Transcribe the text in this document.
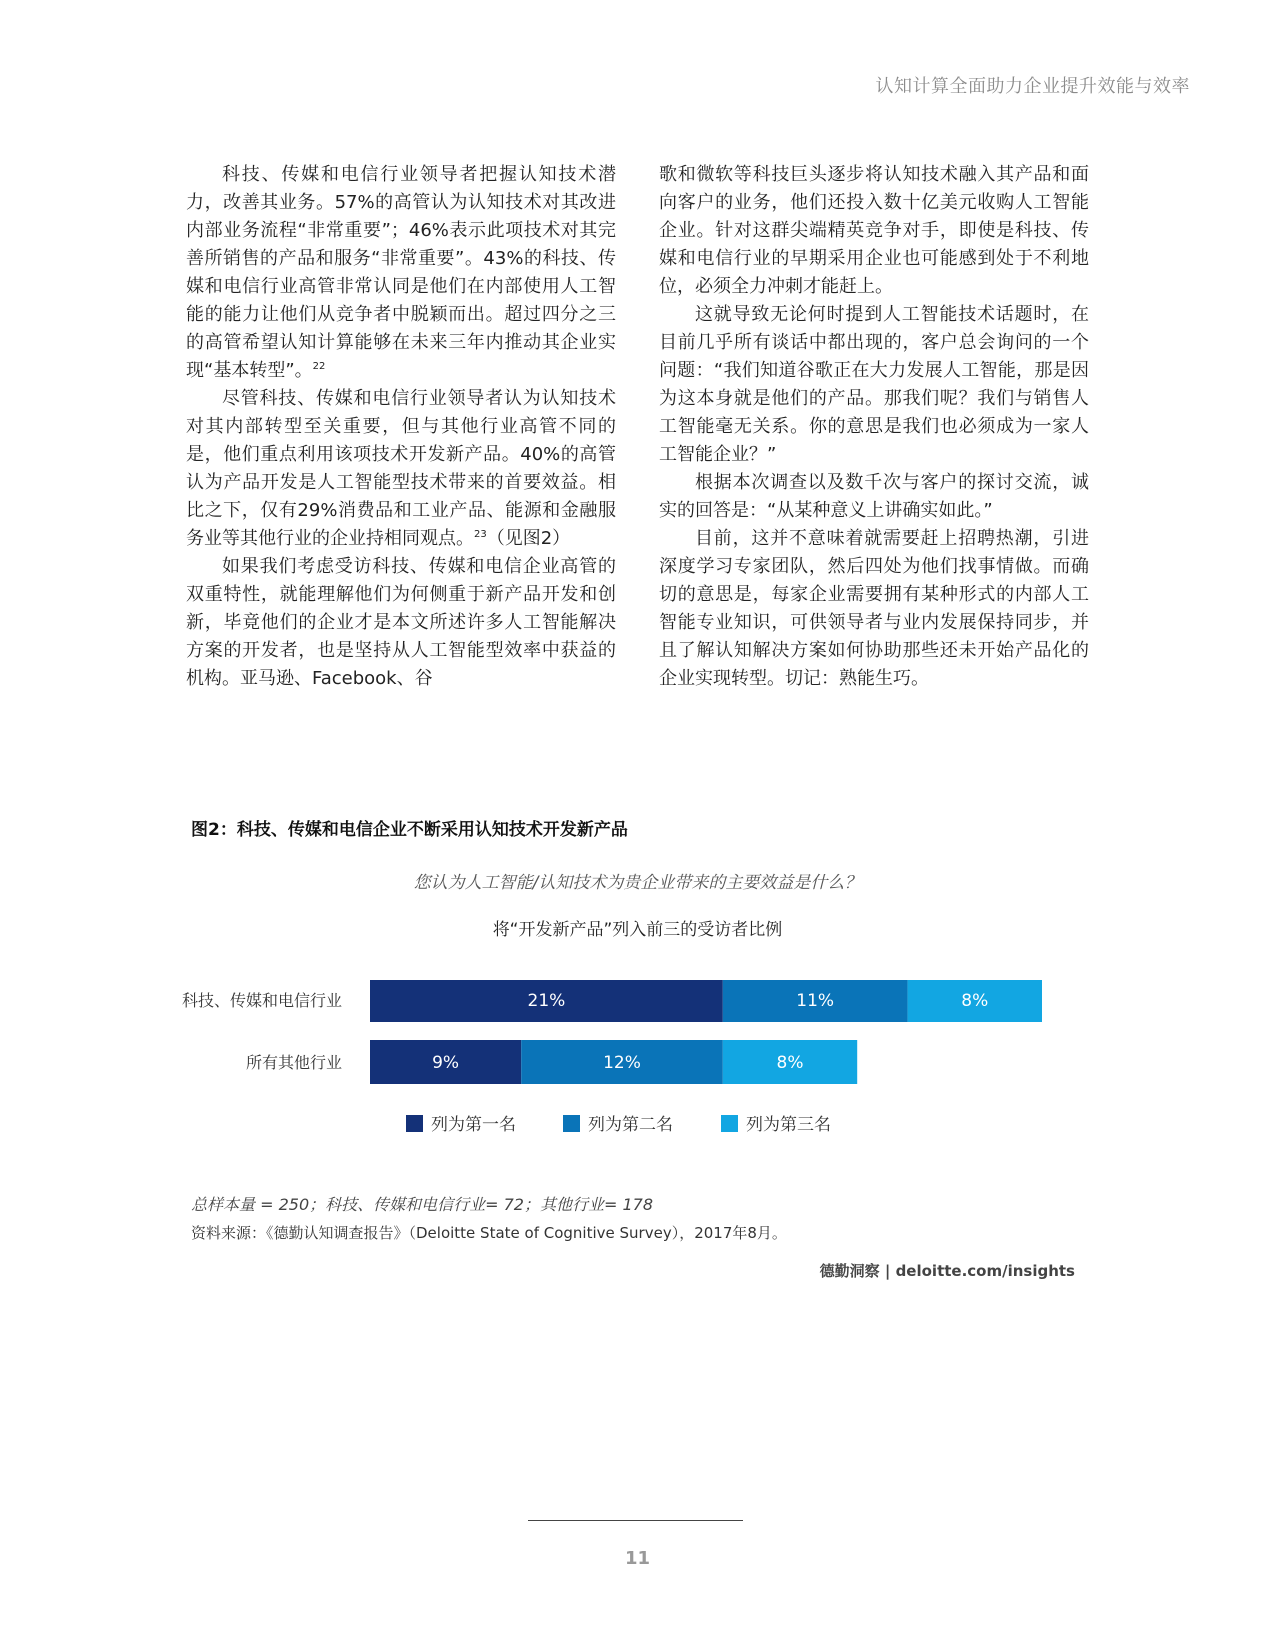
认知计算全面助力企业提升效能与效率

科技、传媒和电信行业领导者把握认知技术潜力，改善其业务。57%的高管认为认知技术对其改进内部业务流程“非常重要”；46%表示此项技术对其完善所销售的产品和服务“非常重要”。43%的科技、传媒和电信行业高管非常认同是他们在内部使用人工智能的能力让他们从竞争者中脱颖而出。超过四分之三的高管希望认知计算能够在未来三年内推动其企业实现“基本转型”。$^{22}$

尽管科技、传媒和电信行业领导者认为认知技术对其内部转型至关重要，但与其他行业高管不同的是，他们重点利用该项技术开发新产品。40%的高管认为产品开发是人工智能型技术带来的首要效益。相比之下，仅有29%消费品和工业产品、能源和金融服务业等其他行业的企业持相同观点。$^{23}$（见图2）

如果我们考虑受访科技、传媒和电信企业高管的双重特性，就能理解他们为何侧重于新产品开发和创新，毕竟他们的企业才是本文所述许多人工智能解决方案的开发者，也是坚持从人工智能型效率中获益的机构。亚马逊、Facebook、谷

歌和微软等科技巨头逐步将认知技术融入其产品和面向客户的业务，他们还投入数十亿美元收购人工智能企业。针对这群尖端精英竞争对手，即使是科技、传媒和电信行业的早期采用企业也可能感到处于不利地位，必须全力冲刺才能赶上。

这就导致无论何时提到人工智能技术话题时，在目前几乎所有谈话中都出现的，客户总会询问的一个问题：“我们知道谷歌正在大力发展人工智能，那是因为这本身就是他们的产品。那我们呢？我们与销售人工智能毫无关系。你的意思是我们也必须成为一家人工智能企业？”

根据本次调查以及数千次与客户的探讨交流，诚实的回答是：“从某种意义上讲确实如此。”

目前，这并不意味着就需要赶上招聘热潮，引进深度学习专家团队，然后四处为他们找事情做。而确切的意思是，每家企业需要拥有某种形式的内部人工智能专业知识，可供领导者与业内发展保持同步，并且了解认知解决方案如何协助那些还未开始产品化的企业实现转型。切记：熟能生巧。

图2：科技、传媒和电信企业不断采用认知技术开发新产品
您认为人工智能/认知技术为贵企业带来的主要效益是什么？
将“开发新产品”列入前三的受访者比例
科技、传媒和电信行业	21%	11%	8%
所有其他行业	9%	12%	8%
列为第一名	列为第二名	列为第三名
总样本量 = 250；科技、传媒和电信行业= 72；其他行业= 178
资料来源：《德勤认知调查报告》（Deloitte State of Cognitive Survey），2017年8月。
德勤洞察 | deloitte.com/insights
11
